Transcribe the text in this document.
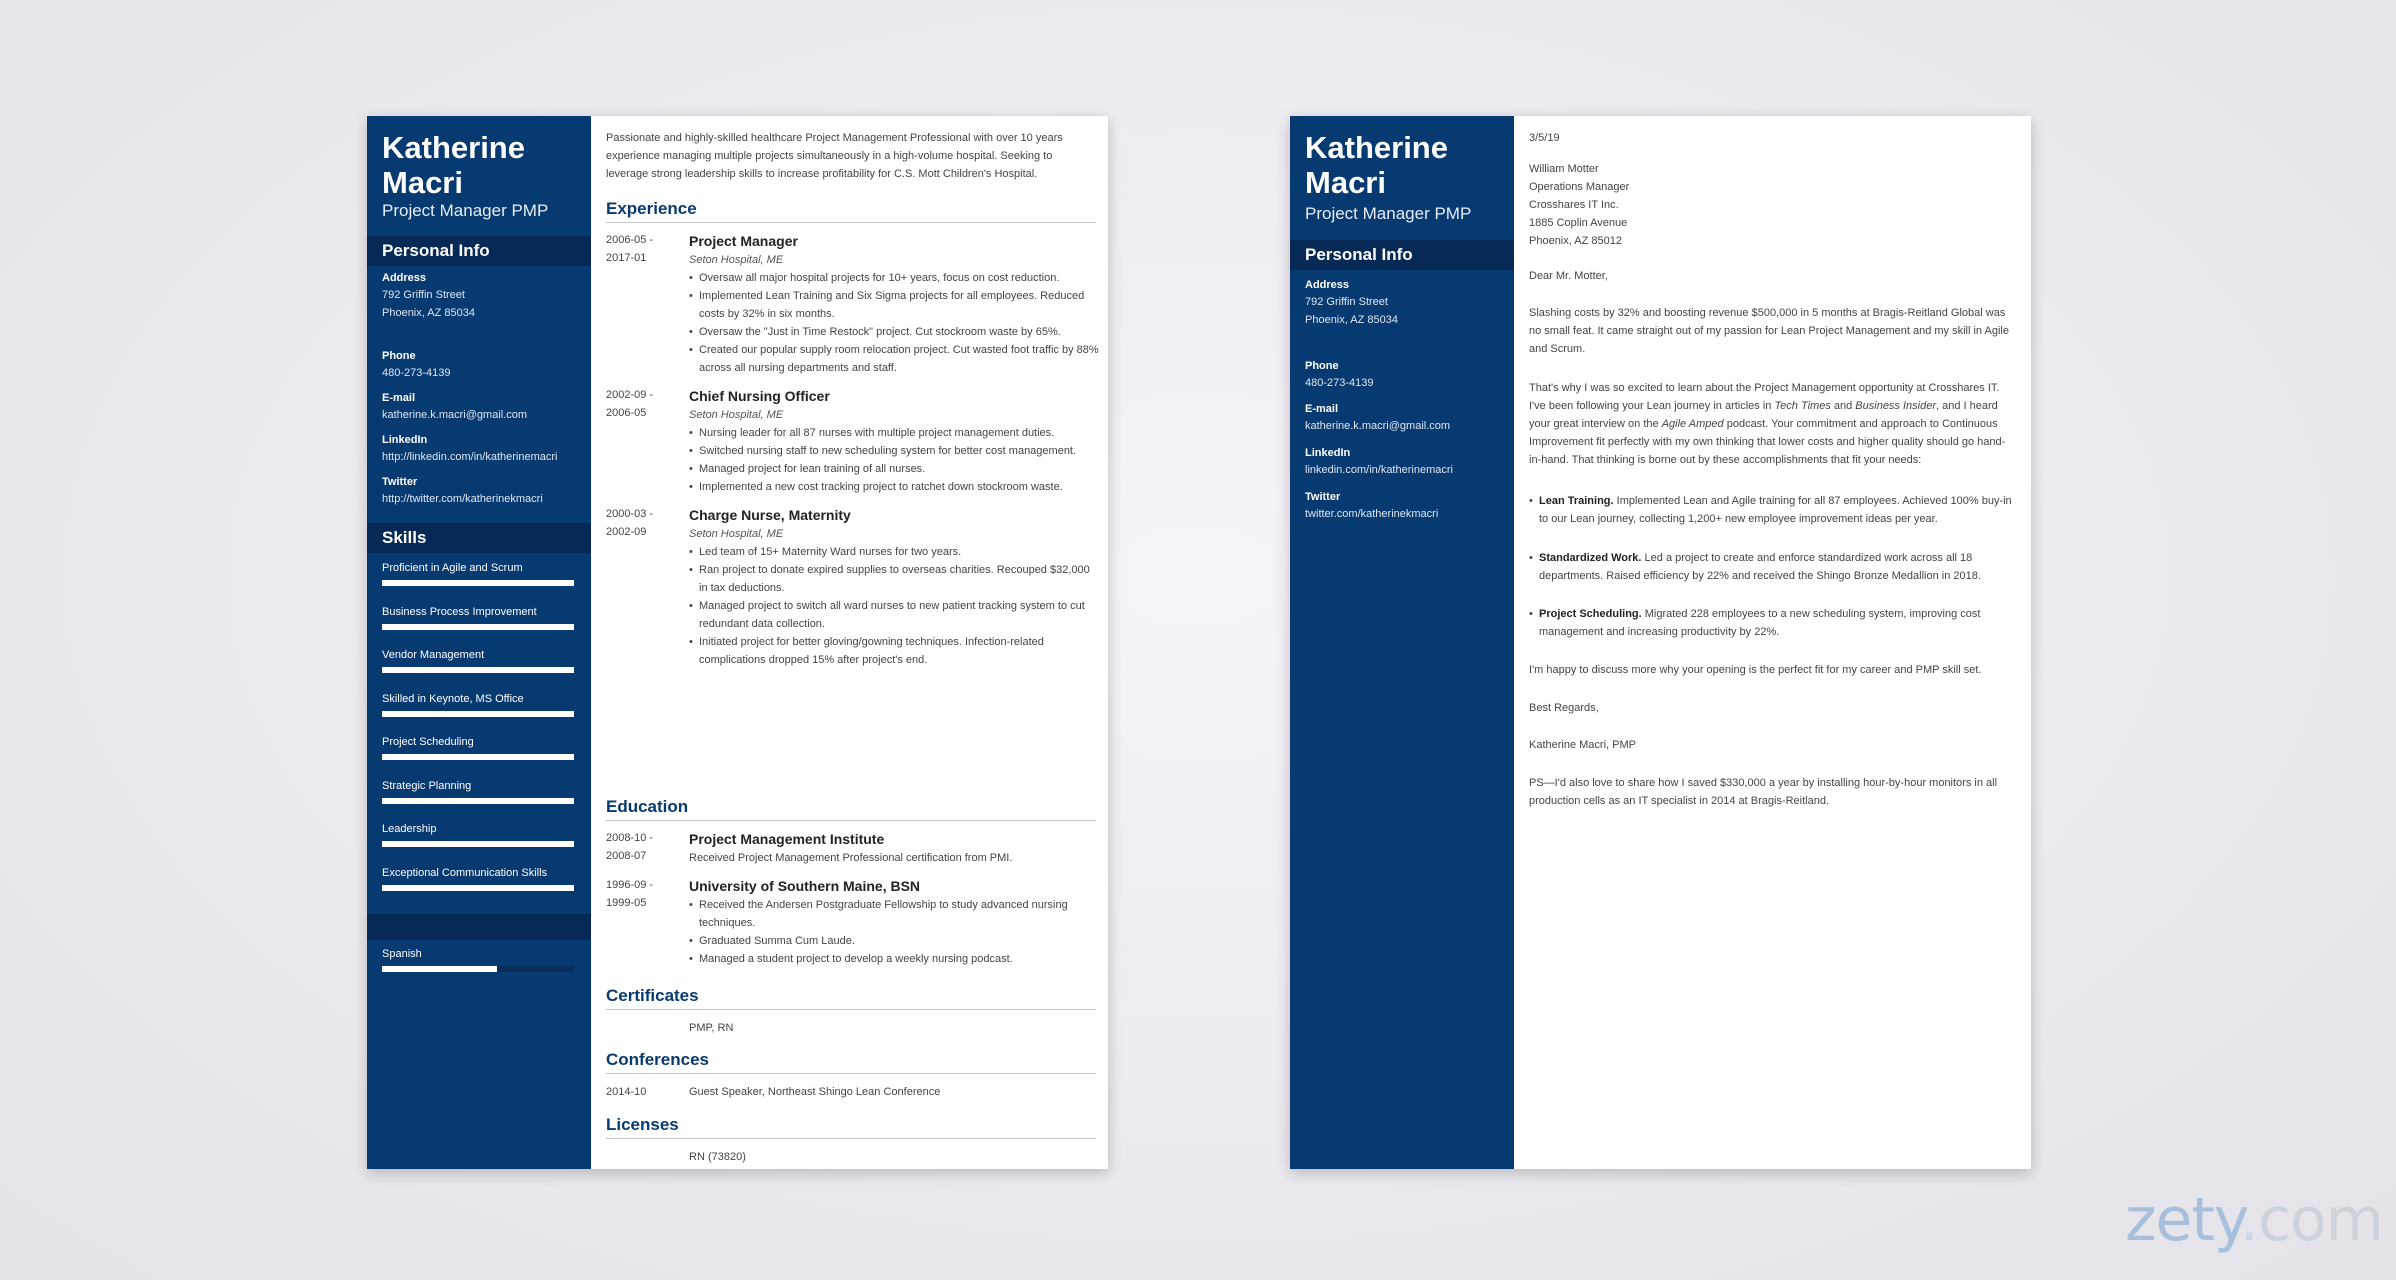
Katherine Macri
Project Manager PMP
Personal Info
Address
792 Griffin Street
Phoenix, AZ 85034
Phone
480-273-4139
E-mail
katherine.k.macri@gmail.com
LinkedIn
http://linkedin.com/in/katherinemacri
Twitter
http://twitter.com/katherinekmacri
Skills
Proficient in Agile and Scrum
Business Process Improvement
Vendor Management
Skilled in Keynote, MS Office
Project Scheduling
Strategic Planning
Leadership
Exceptional Communication Skills
Spanish

Passionate and highly-skilled healthcare Project Management Professional with over 10 years experience managing multiple projects simultaneously in a high-volume hospital. Seeking to leverage strong leadership skills to increase profitability for C.S. Mott Children's Hospital.

Experience
2006-05 -
2017-01
Project Manager
Seton Hospital, ME
• Oversaw all major hospital projects for 10+ years, focus on cost reduction.
• Implemented Lean Training and Six Sigma projects for all employees. Reduced costs by 32% in six months.
• Oversaw the "Just in Time Restock" project. Cut stockroom waste by 65%.
• Created our popular supply room relocation project. Cut wasted foot traffic by 88% across all nursing departments and staff.
2002-09 -
2006-05
Chief Nursing Officer
Seton Hospital, ME
• Nursing leader for all 87 nurses with multiple project management duties.
• Switched nursing staff to new scheduling system for better cost management.
• Managed project for lean training of all nurses.
• Implemented a new cost tracking project to ratchet down stockroom waste.
2000-03 -
2002-09
Charge Nurse, Maternity
Seton Hospital, ME
• Led team of 15+ Maternity Ward nurses for two years.
• Ran project to donate expired supplies to overseas charities. Recouped $32,000 in tax deductions.
• Managed project to switch all ward nurses to new patient tracking system to cut redundant data collection.
• Initiated project for better gloving/gowning techniques. Infection-related complications dropped 15% after project's end.
Education
2008-10 -
2008-07
Project Management Institute
Received Project Management Professional certification from PMI.
1996-09 -
1999-05
University of Southern Maine, BSN
• Received the Andersen Postgraduate Fellowship to study advanced nursing techniques.
• Graduated Summa Cum Laude.
• Managed a student project to develop a weekly nursing podcast.
Certificates
PMP, RN
Conferences
2014-10	Guest Speaker, Northeast Shingo Lean Conference
Licenses
RN (73820)
Katherine Macri
Project Manager PMP
Personal Info
Address
792 Griffin Street
Phoenix, AZ 85034
Phone
480-273-4139
E-mail
katherine.k.macri@gmail.com
LinkedIn
linkedin.com/in/katherinemacri
Twitter
twitter.com/katherinekmacri

3/5/19

William Motter
Operations Manager
Crosshares IT Inc.
1885 Coplin Avenue
Phoenix, AZ 85012

Dear Mr. Motter,

Slashing costs by 32% and boosting revenue $500,000 in 5 months at Bragis-Reitland Global was no small feat. It came straight out of my passion for Lean Project Management and my skill in Agile and Scrum.

That's why I was so excited to learn about the Project Management opportunity at Crosshares IT. I've been following your Lean journey in articles in Tech Times and Business Insider, and I heard your great interview on the Agile Amped podcast. Your commitment and approach to Continuous Improvement fit perfectly with my own thinking that lower costs and higher quality should go hand-in-hand. That thinking is borne out by these accomplishments that fit your needs:

• Lean Training. Implemented Lean and Agile training for all 87 employees. Achieved 100% buy-in to our Lean journey, collecting 1,200+ new employee improvement ideas per year.
• Standardized Work. Led a project to create and enforce standardized work across all 18 departments. Raised efficiency by 22% and received the Shingo Bronze Medallion in 2018.
• Project Scheduling. Migrated 228 employees to a new scheduling system, improving cost management and increasing productivity by 22%.

I'm happy to discuss more why your opening is the perfect fit for my career and PMP skill set.

Best Regards,

Katherine Macri, PMP

PS—I'd also love to share how I saved $330,000 a year by installing hour-by-hour monitors in all production cells as an IT specialist in 2014 at Bragis-Reitland.

zety.com
